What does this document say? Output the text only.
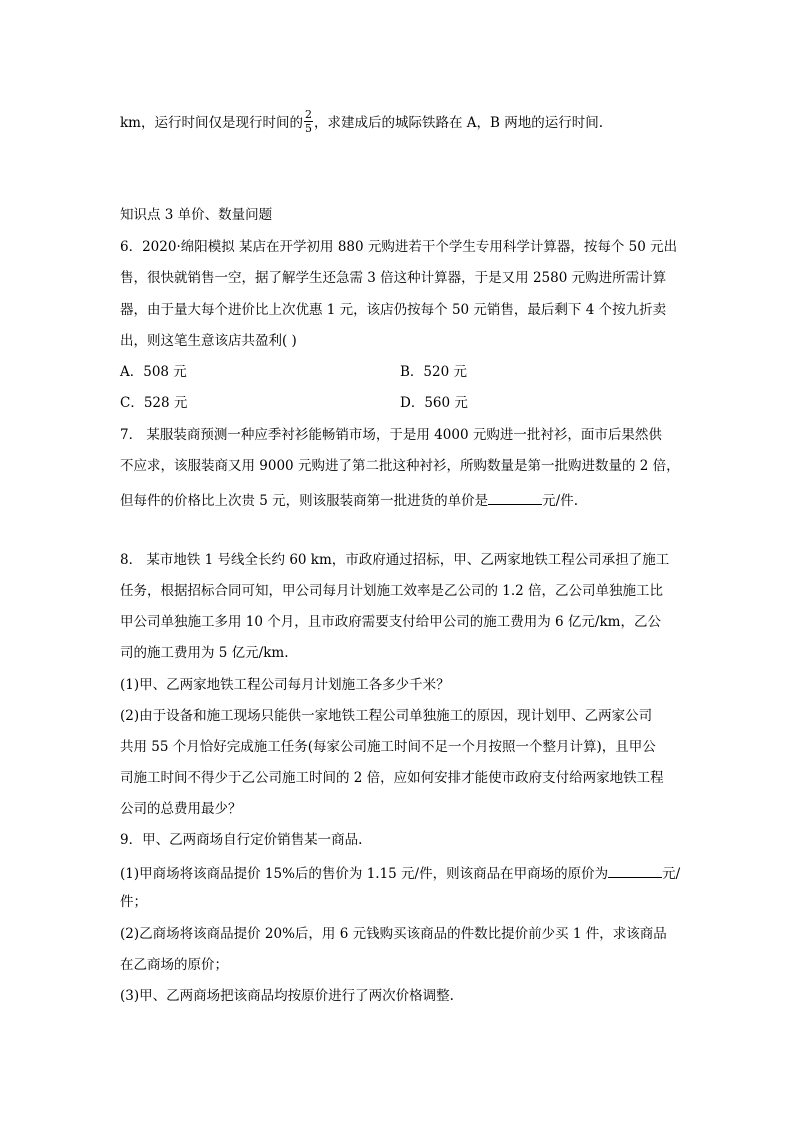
km，运行时间仅是现行时间的 $\frac{2}{5}$ ，求建成后的城际铁路在 A，B 两地的运行时间.
知识点 3 单价、数量问题
6．2020·绵阳模拟 某店在开学初用 880 元购进若干个学生专用科学计算器，按每个 50 元出
售，很快就销售一空，据了解学生还急需 3 倍这种计算器，于是又用 2580 元购进所需计算
器，由于量大每个进价比上次优惠 1 元，该店仍按每个 50 元销售，最后剩下 4 个按九折卖
出，则这笔生意该店共盈利( )
A．508 元	B．520 元
C．528 元	D．560 元
7． 某服装商预测一种应季衬衫能畅销市场，于是用 4000 元购进一批衬衫，面市后果然供
不应求，该服装商又用 9000 元购进了第二批这种衬衫，所购数量是第一批购进数量的 2 倍，
但每件的价格比上次贵 5 元，则该服装商第一批进货的单价是	元/件.
8． 某市地铁 1 号线全长约 60 km，市政府通过招标，甲、乙两家地铁工程公司承担了施工
任务，根据招标合同可知，甲公司每月计划施工效率是乙公司的 1.2 倍，乙公司单独施工比
甲公司单独施工多用 10 个月，且市政府需要支付给甲公司的施工费用为 6 亿元/km，乙公
司的施工费用为 5 亿元/km.
(1)甲、乙两家地铁工程公司每月计划施工各多少千米？
(2)由于设备和施工现场只能供一家地铁工程公司单独施工的原因，现计划甲、乙两家公司
共用 55 个月恰好完成施工任务(每家公司施工时间不足一个月按照一个整月计算)，且甲公
司施工时间不得少于乙公司施工时间的 2 倍，应如何安排才能使市政府支付给两家地铁工程
公司的总费用最少？
9．甲、乙两商场自行定价销售某一商品.
(1)甲商场将该商品提价 15%后的售价为 1.15 元/件，则该商品在甲商场的原价为	元/
件；
(2)乙商场将该商品提价 20%后，用 6 元钱购买该商品的件数比提价前少买 1 件，求该商品
在乙商场的原价；
(3)甲、乙两商场把该商品均按原价进行了两次价格调整.
